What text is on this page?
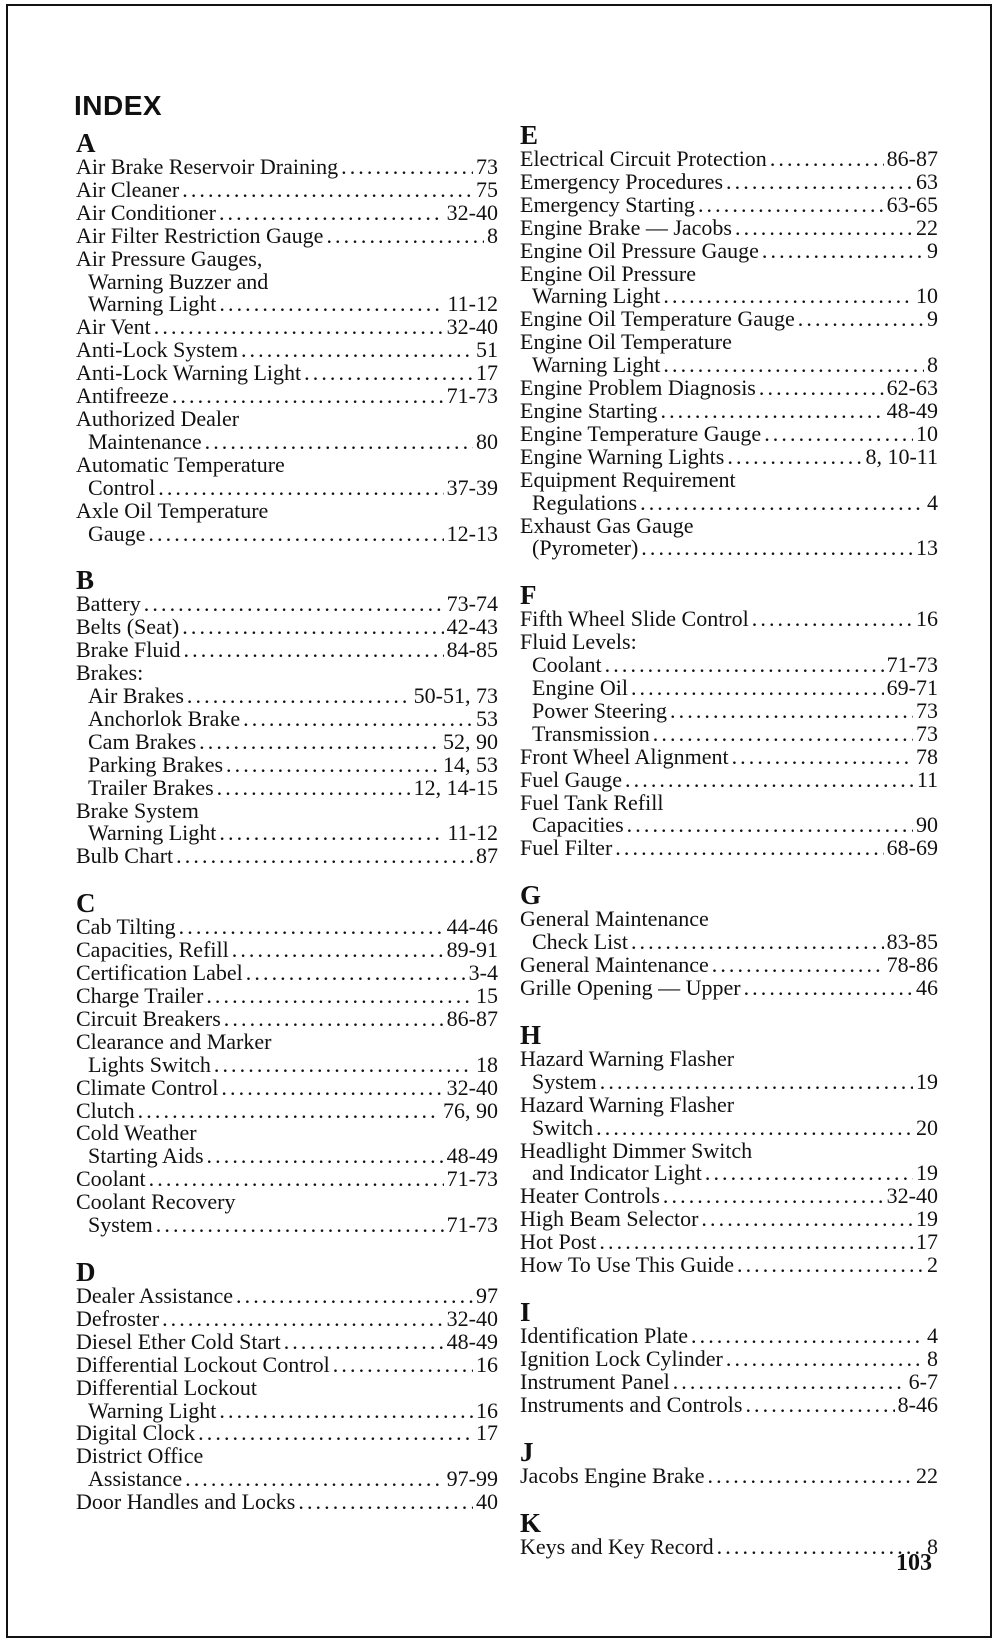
INDEX
A
Air Brake Reservoir Draining . . .	73
Air Cleaner . . .	75
Air Conditioner . . .	32-40
Air Filter Restriction Gauge . . .	8
Air Pressure Gauges,
Warning Buzzer and
Warning Light . . .	11-12
Air Vent . . .	32-40
Anti-Lock System . . .	51
Anti-Lock Warning Light . . .	17
Antifreeze . . .	71-73
Authorized Dealer
Maintenance . . .	80
Automatic Temperature
Control . . .	37-39
Axle Oil Temperature
Gauge . . .	12-13
B
Battery . . .	73-74
Belts (Seat) . . .	42-43
Brake Fluid . . .	84-85
Brakes:
Air Brakes . . .	50-51, 73
Anchorlok Brake . . .	53
Cam Brakes . . .	52, 90
Parking Brakes . . .	14, 53
Trailer Brakes . . .	12, 14-15
Brake System
Warning Light . . .	11-12
Bulb Chart . . .	87
C
Cab Tilting . . .	44-46
Capacities, Refill . . .	89-91
Certification Label . . .	3-4
Charge Trailer . . .	15
Circuit Breakers . . .	86-87
Clearance and Marker
Lights Switch . . .	18
Climate Control . . .	32-40
Clutch . . .	76, 90
Cold Weather
Starting Aids . . .	48-49
Coolant . . .	71-73
Coolant Recovery
System . . .	71-73
D
Dealer Assistance . . .	97
Defroster . . .	32-40
Diesel Ether Cold Start . . .	48-49
Differential Lockout Control . . .	16
Differential Lockout
Warning Light . . .	16
Digital Clock . . .	17
District Office
Assistance . . .	97-99
Door Handles and Locks . . .	40
E
Electrical Circuit Protection . . .	86-87
Emergency Procedures . . .	63
Emergency Starting . . .	63-65
Engine Brake — Jacobs . . .	22
Engine Oil Pressure Gauge . . .	9
Engine Oil Pressure
Warning Light . . .	10
Engine Oil Temperature Gauge . . .	9
Engine Oil Temperature
Warning Light . . .	8
Engine Problem Diagnosis . . .	62-63
Engine Starting . . .	48-49
Engine Temperature Gauge . . .	10
Engine Warning Lights . . .	8, 10-11
Equipment Requirement
Regulations . . .	4
Exhaust Gas Gauge
(Pyrometer) . . .	13
F
Fifth Wheel Slide Control . . .	16
Fluid Levels:
Coolant . . .	71-73
Engine Oil . . .	69-71
Power Steering . . .	73
Transmission . . .	73
Front Wheel Alignment . . .	78
Fuel Gauge . . .	11
Fuel Tank Refill
Capacities . . .	90
Fuel Filter . . .	68-69
G
General Maintenance
Check List . . .	83-85
General Maintenance . . .	78-86
Grille Opening — Upper . . .	46
H
Hazard Warning Flasher
System . . .	19
Hazard Warning Flasher
Switch . . .	20
Headlight Dimmer Switch
and Indicator Light . . .	19
Heater Controls . . .	32-40
High Beam Selector . . .	19
Hot Post . . .	17
How To Use This Guide . . .	2
I
Identification Plate . . .	4
Ignition Lock Cylinder . . .	8
Instrument Panel . . .	6-7
Instruments and Controls . . .	8-46
J
Jacobs Engine Brake . . .	22
K
Keys and Key Record . . .	8
103
